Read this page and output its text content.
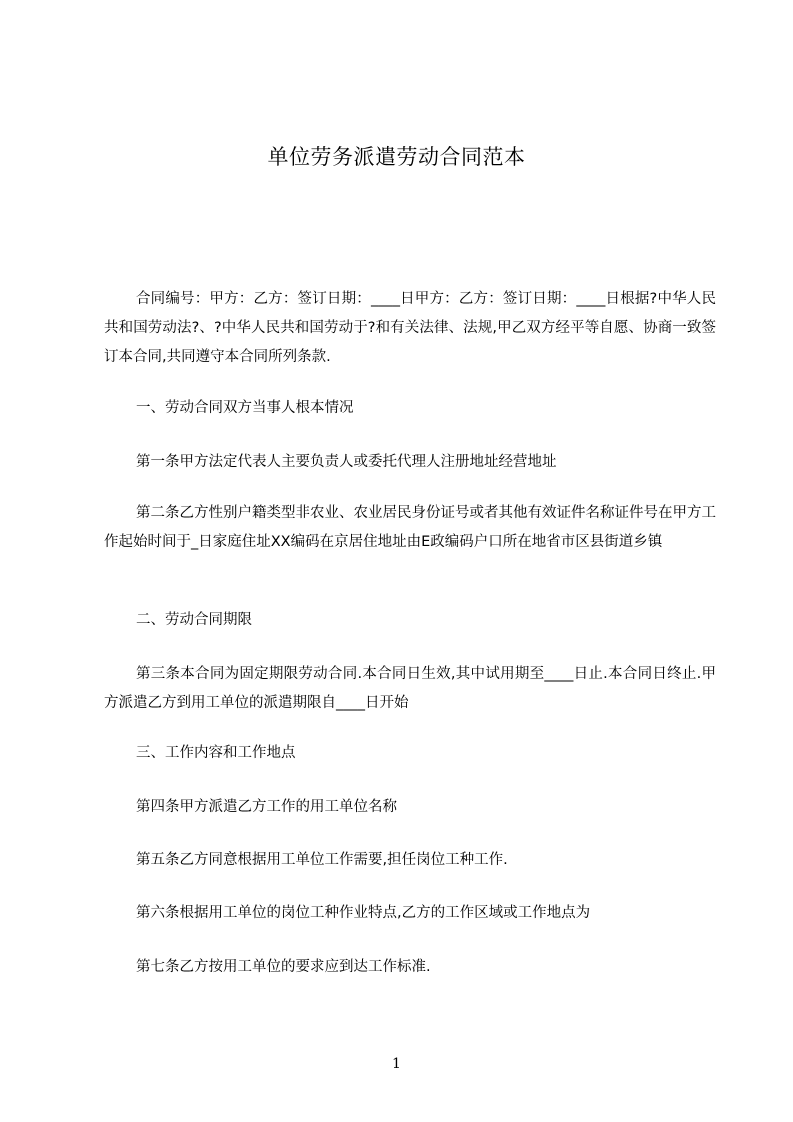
单位劳务派遣劳动合同范本
合同编号：甲方：乙方：签订日期：____日甲方：乙方：签订日期：____日根据?中华人民共和国劳动法?、?中华人民共和国劳动于?和有关法律、法规,甲乙双方经平等自愿、协商一致签订本合同,共同遵守本合同所列条款.
一、劳动合同双方当事人根本情况
第一条甲方法定代表人主要负责人或委托代理人注册地址经营地址
第二条乙方性别户籍类型非农业、农业居民身份证号或者其他有效证件名称证件号在甲方工作起始时间于_日家庭住址XX编码在京居住地址由E政编码户口所在地省市区县街道乡镇
二、劳动合同期限
第三条本合同为固定期限劳动合同.本合同日生效,其中试用期至____日止.本合同日终止.甲方派遣乙方到用工单位的派遣期限自____日开始
三、工作内容和工作地点
第四条甲方派遣乙方工作的用工单位名称
第五条乙方同意根据用工单位工作需要,担任岗位工种工作.
第六条根据用工单位的岗位工种作业特点,乙方的工作区域或工作地点为
第七条乙方按用工单位的要求应到达工作标准.
1
